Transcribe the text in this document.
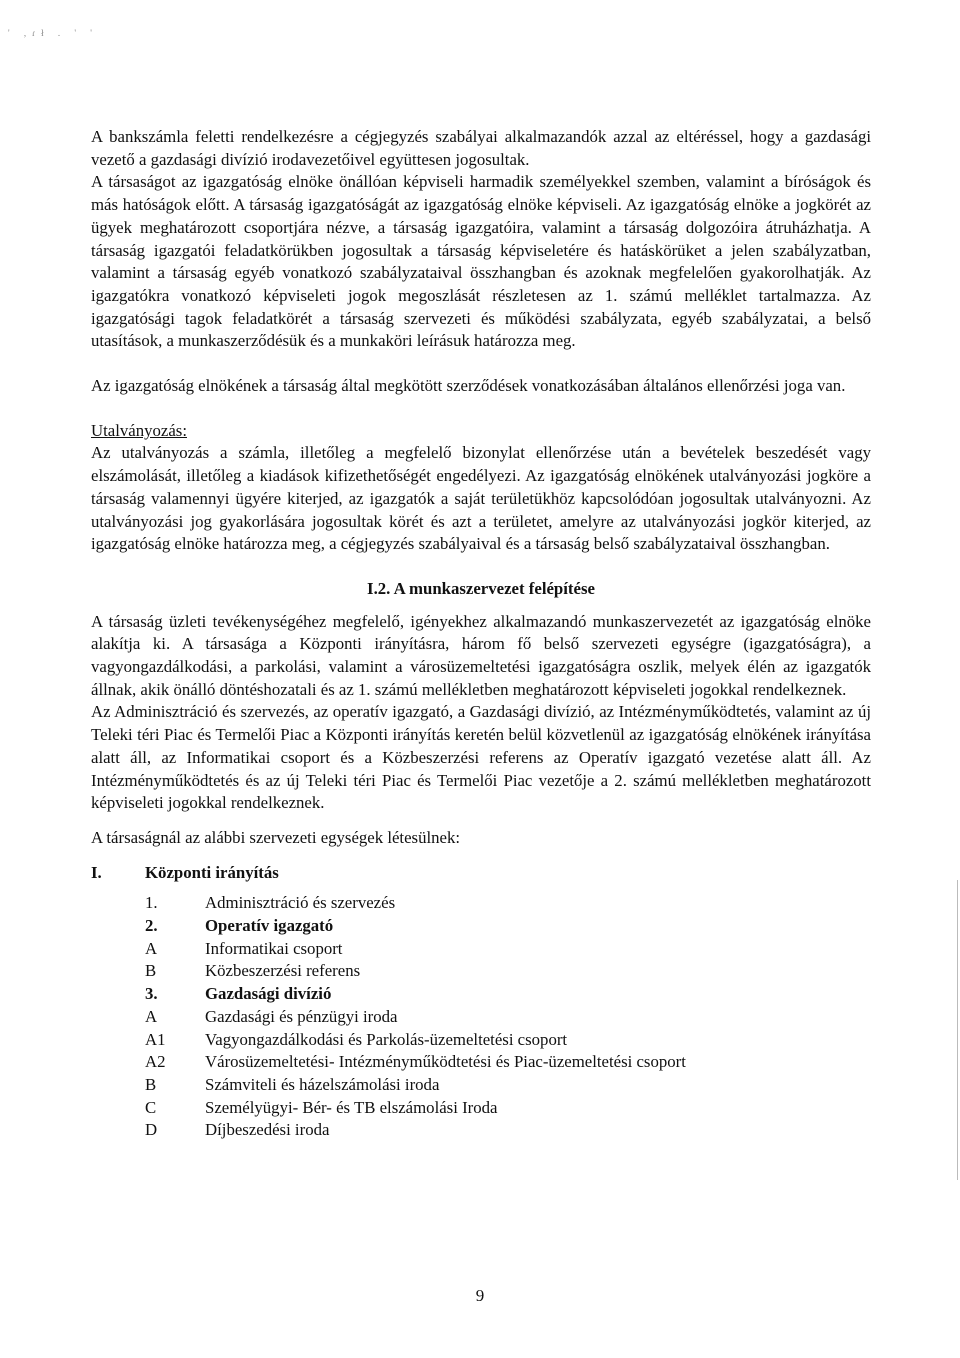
' ,ɾł . ' '

A bankszámla feletti rendelkezésre a cégjegyzés szabályai alkalmazandók azzal az eltéréssel, hogy a gazdasági vezető a gazdasági divízió irodavezetőivel együttesen jogosultak.

A társaságot az igazgatóság elnöke önállóan képviseli harmadik személyekkel szemben, valamint a bíróságok és más hatóságok előtt. A társaság igazgatóságát az igazgatóság elnöke képviseli. Az igazgatóság elnöke a jogkörét az ügyek meghatározott csoportjára nézve, a társaság igazgatóira, valamint a társaság dolgozóira átruházhatja. A társaság igazgatói feladatkörükben jogosultak a társaság képviseletére és hatáskörüket a jelen szabályzatban, valamint a társaság egyéb vonatkozó szabályzataival összhangban és azoknak megfelelően gyakorolhatják. Az igazgatókra vonatkozó képviseleti jogok megoszlását részletesen az 1. számú melléklet tartalmazza. Az igazgatósági tagok feladatkörét a társaság szervezeti és működési szabályzata, egyéb szabályzatai, a belső utasítások, a munkaszerződésük és a munkaköri leírásuk határozza meg.

Az igazgatóság elnökének a társaság által megkötött szerződések vonatkozásában általános ellenőrzési joga van.

Utalványozás:

Az utalványozás a számla, illetőleg a megfelelő bizonylat ellenőrzése után a bevételek beszedését vagy elszámolását, illetőleg a kiadások kifizethetőségét engedélyezi. Az igazgatóság elnökének utalványozási jogköre a társaság valamennyi ügyére kiterjed, az igazgatók a saját területükhöz kapcsolódóan jogosultak utalványozni. Az utalványozási jog gyakorlására jogosultak körét és azt a területet, amelyre az utalványozási jogkör kiterjed, az igazgatóság elnöke határozza meg, a cégjegyzés szabályaival és a társaság belső szabályzataival összhangban.

I.2. A munkaszervezet felépítése

A társaság üzleti tevékenységéhez megfelelő, igényekhez alkalmazandó munkaszervezetét az igazgatóság elnöke alakítja ki. A társasága a Központi irányításra, három fő belső szervezeti egységre (igazgatóságra), a vagyongazdálkodási, a parkolási, valamint a városüzemeltetési igazgatóságra oszlik, melyek élén az igazgatók állnak, akik önálló döntéshozatali és az 1. számú mellékletben meghatározott képviseleti jogokkal rendelkeznek.

Az Adminisztráció és szervezés, az operatív igazgató, a Gazdasági divízió, az Intézményműködtetés, valamint az új Teleki téri Piac és Termelői Piac a Központi irányítás keretén belül közvetlenül az igazgatóság elnökének irányítása alatt áll, az Informatikai csoport és a Közbeszerzési referens az Operatív igazgató vezetése alatt áll. Az Intézményműködtetés és az új Teleki téri Piac és Termelői Piac vezetője a 2. számú mellékletben meghatározott képviseleti jogokkal rendelkeznek.

A társaságnál az alábbi szervezeti egységek létesülnek:

I.	Központi irányítás
1.	Adminisztráció és szervezés
2.	Operatív igazgató
A	Informatikai csoport
B	Közbeszerzési referens
3.	Gazdasági divízió
A	Gazdasági és pénzügyi iroda
A1	Vagyongazdálkodási és Parkolás-üzemeltetési csoport
A2	Városüzemeltetési- Intézményműködtetési és Piac-üzemeltetési csoport
B	Számviteli és házelszámolási iroda
C	Személyügyi- Bér- és TB elszámolási Iroda
D	Díjbeszedési iroda
9
